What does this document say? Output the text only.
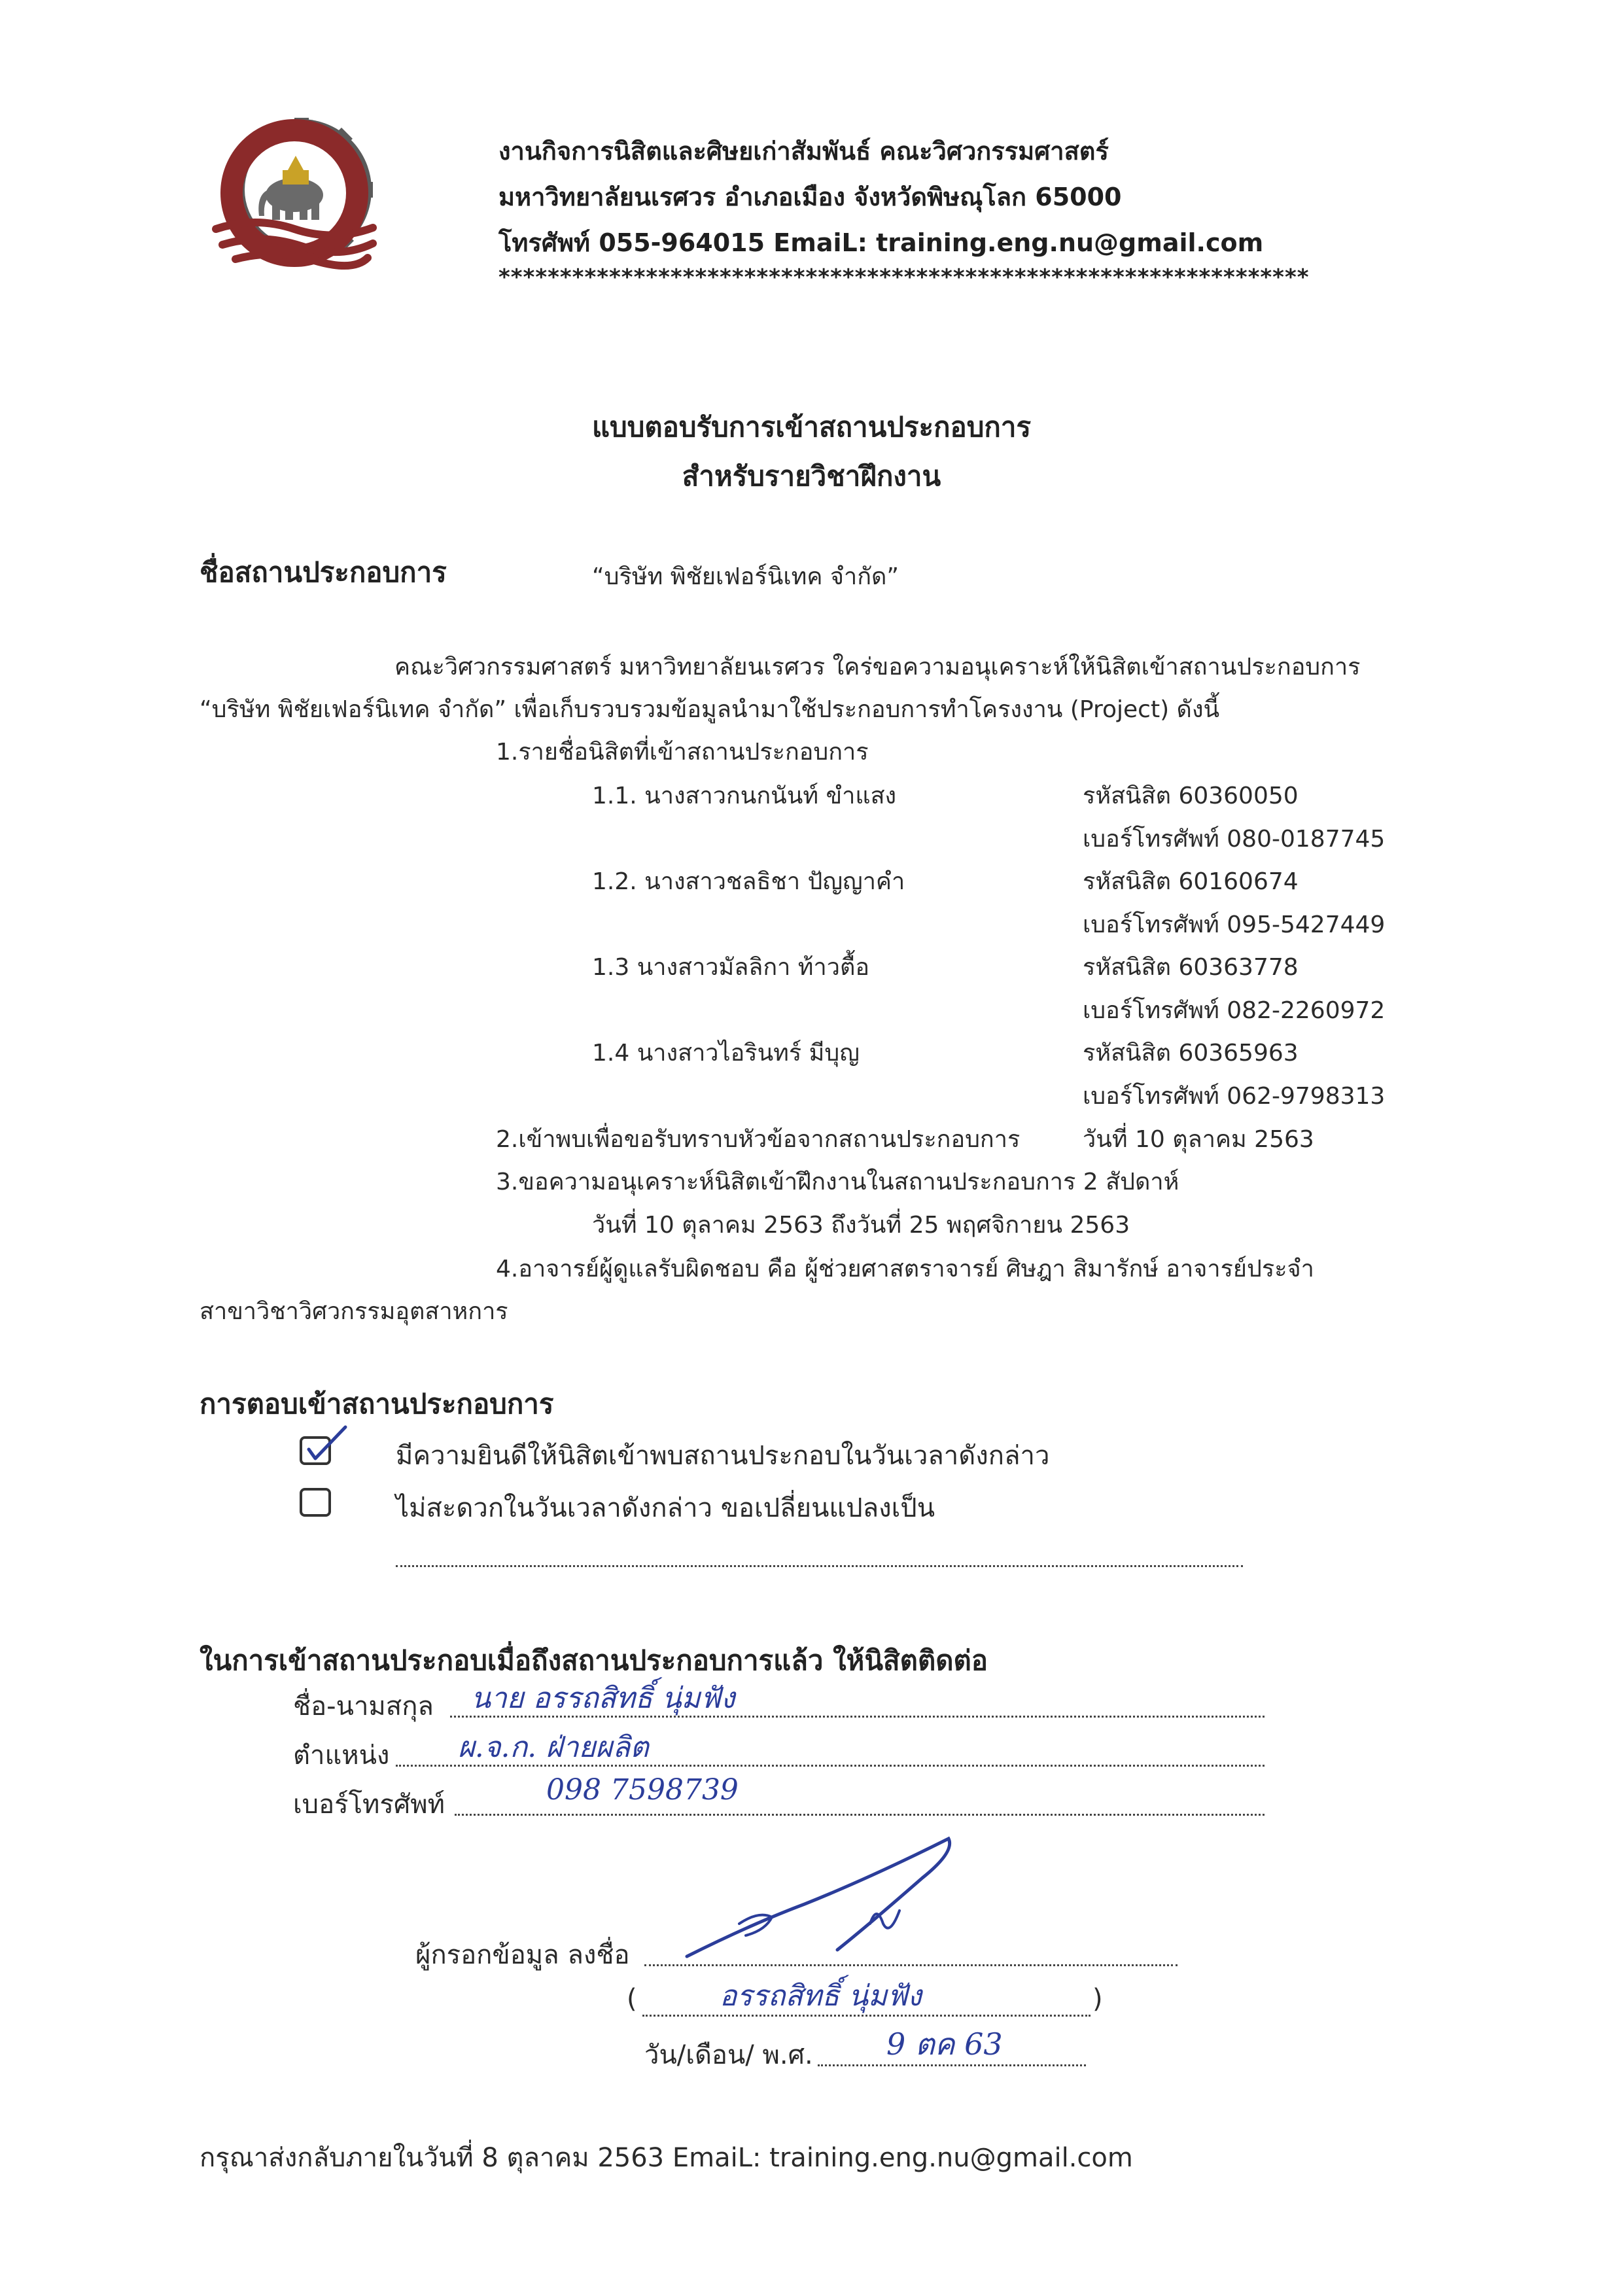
งานกิจการนิสิตและศิษยเก่าสัมพันธ์ คณะวิศวกรรมศาสตร์
มหาวิทยาลัยนเรศวร อำเภอเมือง จังหวัดพิษณุโลก 65000
โทรศัพท์ 055-964015 EmaiL: training.eng.nu@gmail.com
******************************************************************
แบบตอบรับการเข้าสถานประกอบการ
สำหรับรายวิชาฝึกงาน
ชื่อสถานประกอบการ	“บริษัท พิชัยเฟอร์นิเทค จำกัด”
คณะวิศวกรรมศาสตร์ มหาวิทยาลัยนเรศวร ใคร่ขอความอนุเคราะห์ให้นิสิตเข้าสถานประกอบการ
“บริษัท พิชัยเฟอร์นิเทค จำกัด” เพื่อเก็บรวบรวมข้อมูลนำมาใช้ประกอบการทำโครงงาน (Project) ดังนี้
1.รายชื่อนิสิตที่เข้าสถานประกอบการ
1.1. นางสาวกนกนันท์ ขำแสง	รหัสนิสิต 60360050
เบอร์โทรศัพท์ 080-0187745
1.2. นางสาวชลธิชา ปัญญาคำ	รหัสนิสิต 60160674
เบอร์โทรศัพท์ 095-5427449
1.3 นางสาวมัลลิกา ท้าวตื้อ	รหัสนิสิต 60363778
เบอร์โทรศัพท์ 082-2260972
1.4 นางสาวไอรินทร์ มีบุญ	รหัสนิสิต 60365963
เบอร์โทรศัพท์ 062-9798313
2.เข้าพบเพื่อขอรับทราบหัวข้อจากสถานประกอบการ	วันที่ 10 ตุลาคม 2563
3.ขอความอนุเคราะห์นิสิตเข้าฝึกงานในสถานประกอบการ 2 สัปดาห์
วันที่ 10 ตุลาคม 2563 ถึงวันที่ 25 พฤศจิกายน 2563
4.อาจารย์ผู้ดูแลรับผิดชอบ คือ ผู้ช่วยศาสตราจารย์ ศิษฎา สิมารักษ์ อาจารย์ประจำ
สาขาวิชาวิศวกรรมอุตสาหการ
การตอบเข้าสถานประกอบการ
มีความยินดีให้นิสิตเข้าพบสถานประกอบในวันเวลาดังกล่าว
ไม่สะดวกในวันเวลาดังกล่าว ขอเปลี่ยนแปลงเป็น
ในการเข้าสถานประกอบเมื่อถึงสถานประกอบการแล้ว ให้นิสิตติดต่อ
ชื่อ-นามสกุล นาย อรรถสิทธิ์ นุ่มฟัง
ตำแหน่ง ผ.จ.ก. ฝ่ายผลิต
เบอร์โทรศัพท์	098 7598739
ผู้กรอกข้อมูล ลงชื่อ
(	อรรถสิทธิ์ นุ่มฟัง	)
วัน/เดือน/ พ.ศ. 9 ตค 63
กรุณาส่งกลับภายในวันที่ 8 ตุลาคม 2563 EmaiL: training.eng.nu@gmail.com
